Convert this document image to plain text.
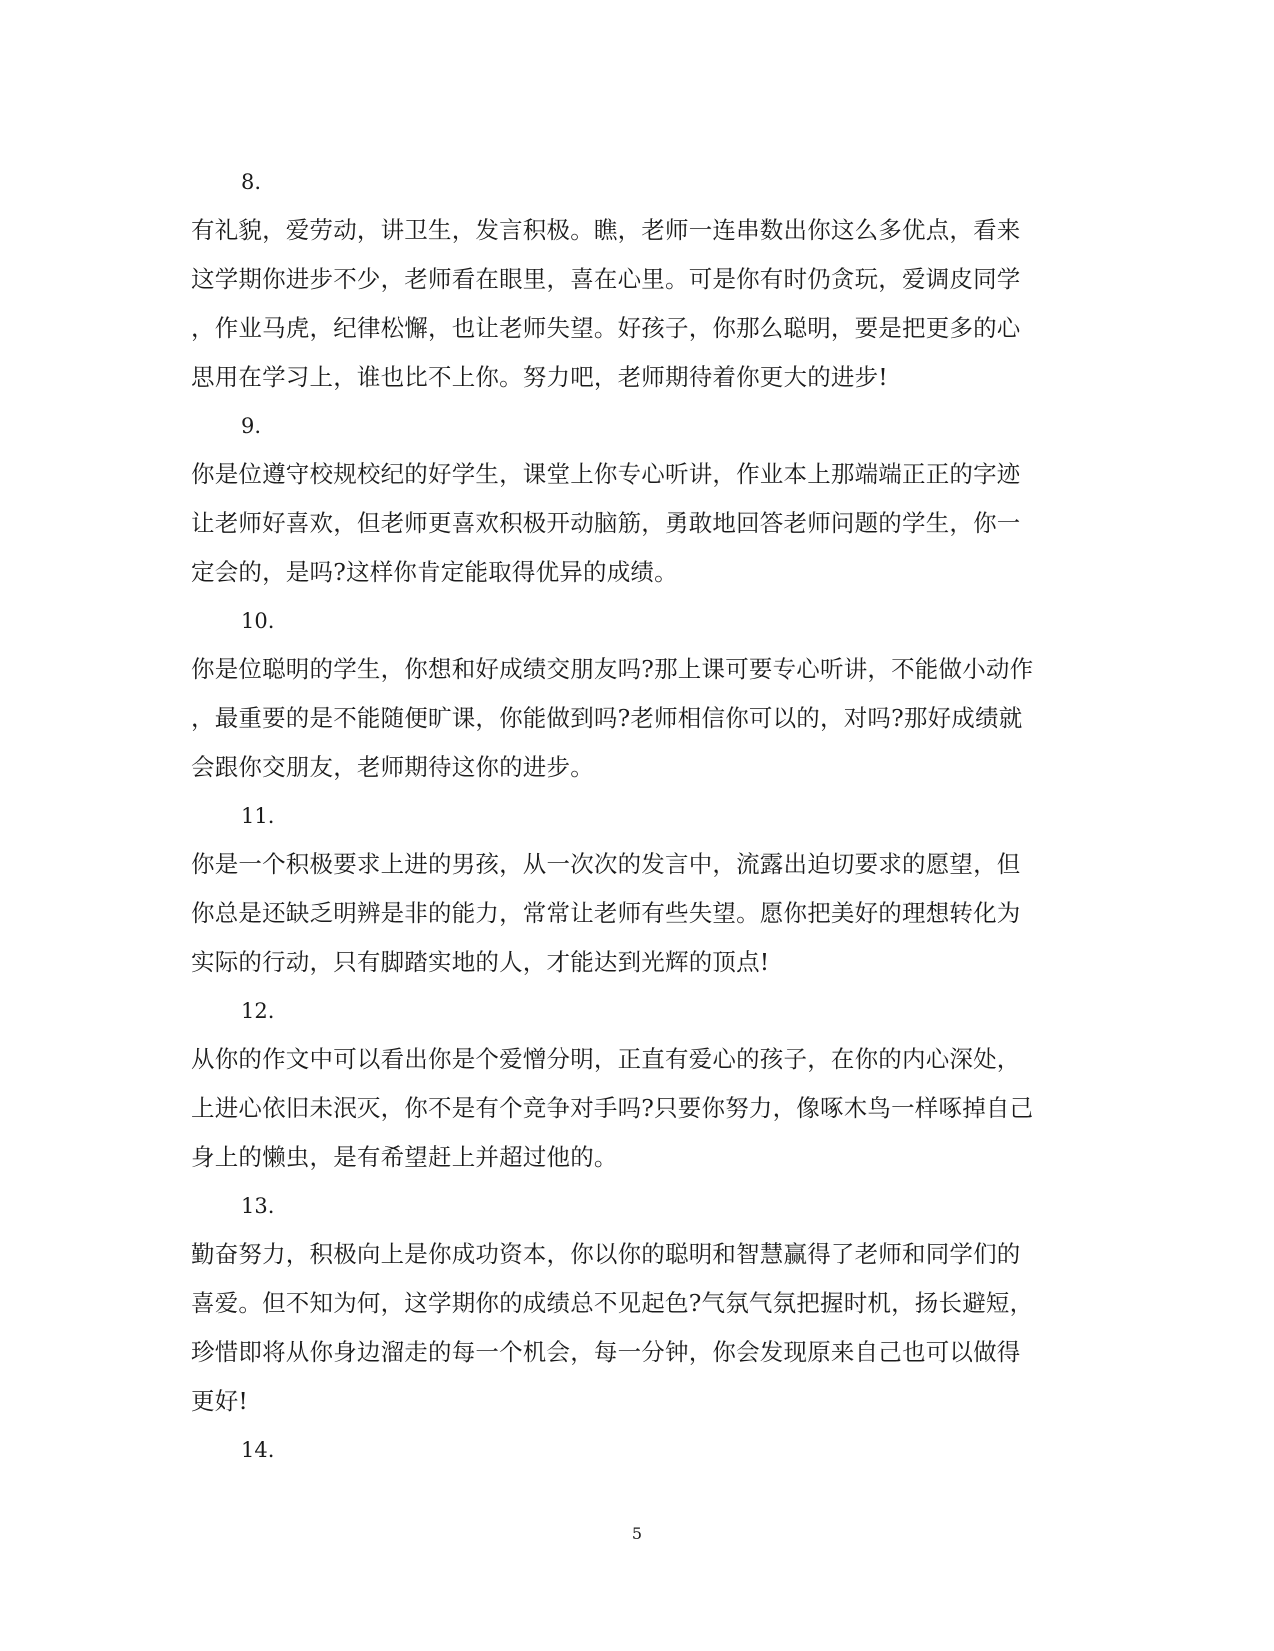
8.
有礼貌，爱劳动，讲卫生，发言积极。瞧，老师一连串数出你这么多优点，看来
这学期你进步不少，老师看在眼里，喜在心里。可是你有时仍贪玩，爱调皮同学
，作业马虎，纪律松懈，也让老师失望。好孩子，你那么聪明，要是把更多的心
思用在学习上，谁也比不上你。努力吧，老师期待着你更大的进步!
9.
你是位遵守校规校纪的好学生，课堂上你专心听讲，作业本上那端端正正的字迹
让老师好喜欢，但老师更喜欢积极开动脑筋，勇敢地回答老师问题的学生，你一
定会的，是吗?这样你肯定能取得优异的成绩。
10.
你是位聪明的学生，你想和好成绩交朋友吗?那上课可要专心听讲，不能做小动作
，最重要的是不能随便旷课，你能做到吗?老师相信你可以的，对吗?那好成绩就
会跟你交朋友，老师期待这你的进步。
11.
你是一个积极要求上进的男孩，从一次次的发言中，流露出迫切要求的愿望，但
你总是还缺乏明辨是非的能力，常常让老师有些失望。愿你把美好的理想转化为
实际的行动，只有脚踏实地的人，才能达到光辉的顶点!
12.
从你的作文中可以看出你是个爱憎分明，正直有爱心的孩子，在你的内心深处，
上进心依旧未泯灭，你不是有个竞争对手吗?只要你努力，像啄木鸟一样啄掉自己
身上的懒虫，是有希望赶上并超过他的。
13.
勤奋努力，积极向上是你成功资本，你以你的聪明和智慧赢得了老师和同学们的
喜爱。但不知为何，这学期你的成绩总不见起色?气氛气氛把握时机，扬长避短，
珍惜即将从你身边溜走的每一个机会，每一分钟，你会发现原来自己也可以做得
更好!
14.
5
